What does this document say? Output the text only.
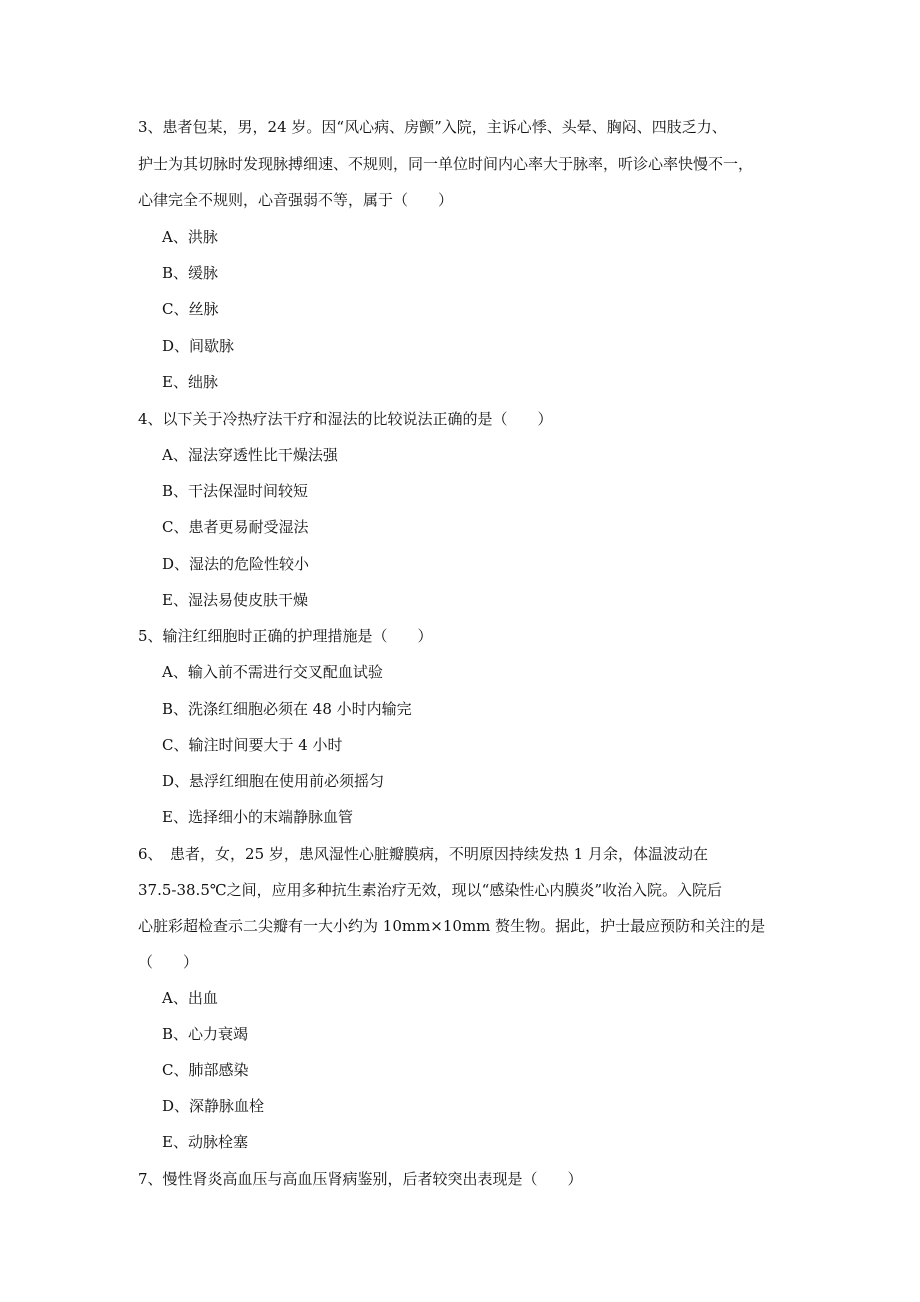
3、患者包某，男，24 岁。因“风心病、房颤”入院，主诉心悸、头晕、胸闷、四肢乏力、

护士为其切脉时发现脉搏细速、不规则，同一单位时间内心率大于脉率，听诊心率快慢不一，

心律完全不规则，心音强弱不等，属于（　　）

A、洪脉

B、缓脉

C、丝脉

D、间歇脉

E、绌脉

4、以下关于冷热疗法干疗和湿法的比较说法正确的是（　　）

A、湿法穿透性比干燥法强

B、干法保湿时间较短

C、患者更易耐受湿法

D、湿法的危险性较小

E、湿法易使皮肤干燥

5、输注红细胞时正确的护理措施是（　　）

A、输入前不需进行交叉配血试验

B、洗涤红细胞必须在 48 小时内输完

C、输注时间要大于 4 小时

D、悬浮红细胞在使用前必须摇匀

E、选择细小的末端静脉血管

6、　患者，女，25 岁，患风湿性心脏瓣膜病，不明原因持续发热 1 月余，体温波动在

37.5-38.5℃之间，应用多种抗生素治疗无效，现以“感染性心内膜炎”收治入院。入院后

心脏彩超检查示二尖瓣有一大小约为 10mm×10mm 赘生物。据此，护士最应预防和关注的是

（　　）

A、出血

B、心力衰竭

C、肺部感染

D、深静脉血栓

E、动脉栓塞

7、慢性肾炎高血压与高血压肾病鉴别，后者较突出表现是（　　）
